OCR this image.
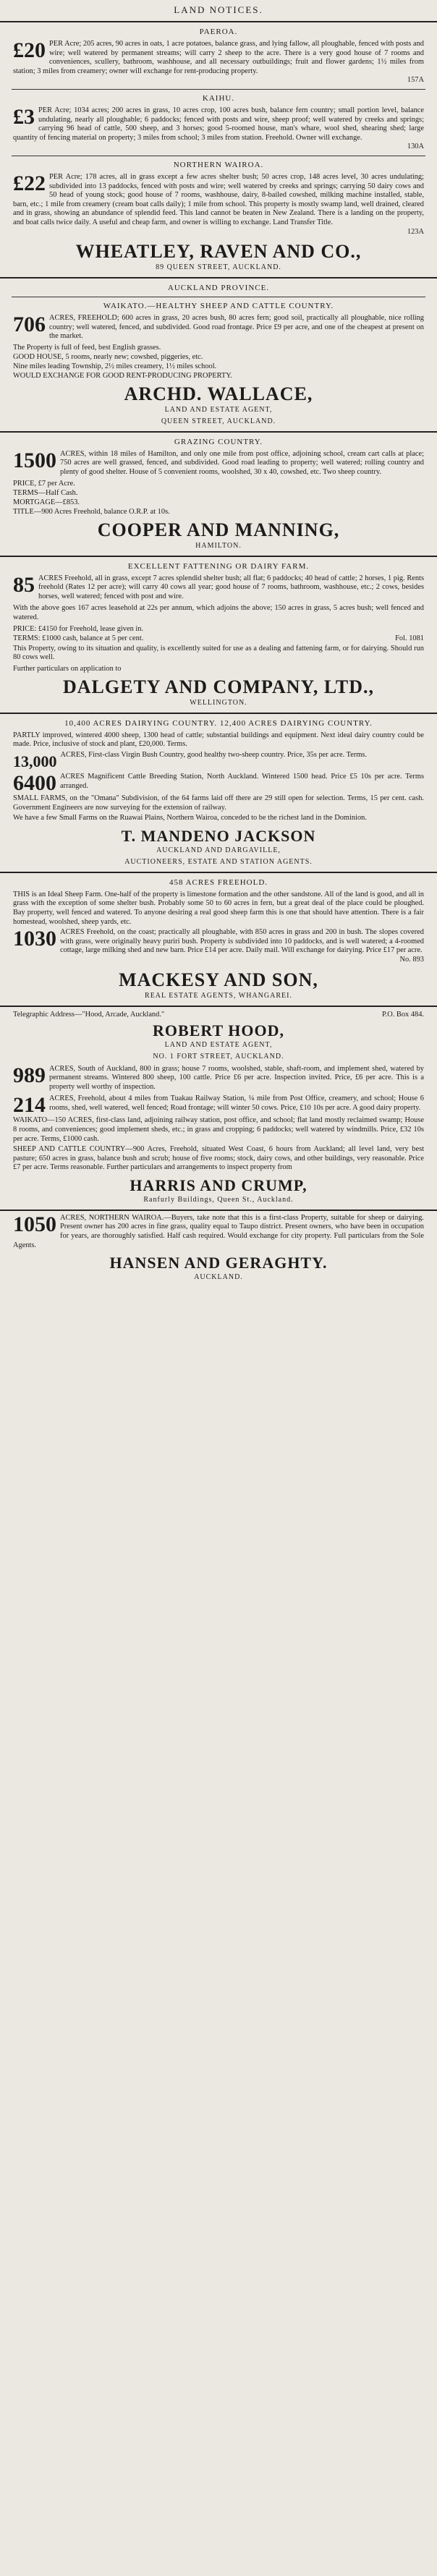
LAND NOTICES.
PAEROA.
£20 PER Acre; 205 acres, 90 acres in oats, 1 acre potatoes, balance grass, and lying fallow, all ploughable, fenced with posts and wire; well watered by permanent streams; will carry 2 sheep to the acre. There is a very good house of 7 rooms and conveniences, scullery, bathroom, washhouse, and all necessary outbuildings; fruit and flower gardens; 1½ miles from station; 3 miles from creamery; owner will exchange for rent-producing property.
157A
KAIHU.
£3 PER Acre; 1034 acres; 200 acres in grass, 10 acres crop, 100 acres bush, balance fern country; small portion level, balance undulating, nearly all ploughable; 6 paddocks; fenced with posts and wire, sheep proof; well watered by creeks and springs; carrying 96 head of cattle, 500 sheep, and 3 horses; good 5-roomed house, man's whare, wool shed, shearing shed; large quantity of fencing material on property; 3 miles from school; 3 miles from station. Freehold. Owner will exchange.
130A
NORTHERN WAIROA.
£22 PER Acre; 178 acres, all in grass except a few acres shelter bush; 50 acres crop, 148 acres level, 30 acres undulating; subdivided into 13 paddocks, fenced with posts and wire; well watered by creeks and springs; carrying 50 dairy cows and 50 head of young stock; good house of 7 rooms, washhouse, dairy, 8-bailed cowshed, milking machine installed, stable, barn, etc.; 1 mile from creamery (cream boat calls daily); 1 mile from school. This property is mostly swamp land, well drained, cleared and in grass, showing an abundance of splendid feed. This land cannot be beaten in New Zealand. There is a landing on the property, and boat calls twice daily. A useful and cheap farm, and owner is willing to exchange. Land Transfer Title.
123A
WHEATLEY, RAVEN AND CO.,
89 QUEEN STREET, AUCKLAND.
AUCKLAND PROVINCE.
WAIKATO.—HEALTHY SHEEP AND CATTLE COUNTRY.
706 ACRES, FREEHOLD; 600 acres in grass, 20 acres bush, 80 acres fern; good soil, practically all ploughable, nice rolling country; well watered, fenced, and subdivided. Good road frontage. Price £9 per acre, and one of the cheapest at present on the market.
The Property is full of feed, best English grasses.
GOOD HOUSE, 5 rooms, nearly new; cowshed, piggeries, etc.
Nine miles leading Township, 2½ miles creamery, 1½ miles school.
WOULD EXCHANGE FOR GOOD RENT-PRODUCING PROPERTY.
ARCHD. WALLACE,
LAND AND ESTATE AGENT,
QUEEN STREET, AUCKLAND.
GRAZING COUNTRY.
1500 ACRES, within 18 miles of Hamilton, and only one mile from post office, adjoining school, cream cart calls at place; 750 acres are well grassed, fenced, and subdivided. Good road leading to property; well watered; rolling country and plenty of good shelter. House of 5 convenient rooms, woolshed, 30 x 40, cowshed, etc. Two sheep country.
PRICE, £7 per Acre.
TERMS—Half Cash.
MORTGAGE—£853.
TITLE—900 Acres Freehold, balance O.R.P. at 10s.
COOPER AND MANNING,
HAMILTON.
EXCELLENT FATTENING OR DAIRY FARM.
85 ACRES Freehold, all in grass, except 7 acres splendid shelter bush; all flat; 6 paddocks; 40 head of cattle; 2 horses, 1 pig. Rents freehold (Rates 12 per acre); will carry 40 cows all year; good house of 7 rooms, bathroom, washhouse, etc.; 2 cows, besides horses, well watered; fenced with post and wire.
With the above goes 167 acres leasehold at 22s per annum, which adjoins the above; 150 acres in grass, 5 acres bush; well fenced and watered.
PRICE: £4150 for Freehold, lease given in.
TERMS: £1000 cash, balance at 5 per cent.	Fol. 1081
This Property, owing to its situation and quality, is excellently suited for use as a dealing and fattening farm, or for dairying. Should run 80 cows well.
Further particulars on application to
DALGETY AND COMPANY, LTD.,
WELLINGTON.
10,400 ACRES DAIRYING COUNTRY. 12,400 ACRES DAIRYING COUNTRY.
PARTLY improved, wintered 4000 sheep, 1300 head of cattle; substantial buildings and equipment. Next ideal dairy country could be made. Price, inclusive of stock and plant, £20,000. Terms.
13,000 ACRES, First-class Virgin Bush Country, good healthy two-sheep country. Price, 35s per acre. Terms.
6400 ACRES Magnificent Cattle Breeding Station, North Auckland. Wintered 1500 head. Price £5 10s per acre. Terms arranged.
SMALL FARMS, on the "Omana" Subdivision, of the 64 farms laid off there are 29 still open for selection. Terms, 15 per cent. cash. Government Engineers are now surveying for the extension of railway.
We have a few Small Farms on the Ruawai Plains, Northern Wairoa, conceded to be the richest land in the Dominion.
T. MANDENO JACKSON
AUCKLAND AND DARGAVILLE,
AUCTIONEERS, ESTATE AND STATION AGENTS.
458 ACRES FREEHOLD.
THIS is an Ideal Sheep Farm. One-half of the property is limestone formation and the other sandstone. All of the land is good, and all in grass with the exception of some shelter bush. Probably some 50 to 60 acres in fern, but a great deal of the place could be ploughed. Bay property, well fenced and watered. To anyone desiring a real good sheep farm this is one that should have attention. There is a fair homestead, woolshed, sheep yards, etc.
1030 ACRES Freehold, on the coast; practically all ploughable, with 850 acres in grass and 200 in bush. The slopes covered with grass, were originally heavy puriri bush. Property is subdivided into 10 paddocks, and is well watered; a 4-roomed cottage, large milking shed and new barn. Price £14 per acre. Daily mail. Will exchange for dairying. Price £17 per acre.
No. 893
MACKESY AND SON,
REAL ESTATE AGENTS, WHANGAREI.
Telegraphic Address—"Hood, Arcade, Auckland."	P.O. Box 484.
ROBERT HOOD,
LAND AND ESTATE AGENT,
NO. 1 FORT STREET, AUCKLAND.
989 ACRES, South of Auckland, 800 in grass; house 7 rooms, woolshed, stable, shaft-room, and implement shed, watered by permanent streams. Wintered 800 sheep, 100 cattle. Price £6 per acre. Inspection invited. Price, £6 per acre. This is a property well worthy of inspection.
214 ACRES, Freehold, about 4 miles from Tuakau Railway Station, ¼ mile from Post Office, creamery, and school; House 6 rooms, shed, well watered, well fenced; Road frontage; will winter 50 cows. Price, £10 10s per acre. A good dairy property.
WAIKATO—150 ACRES, first-class land, adjoining railway station, post office, and school; flat land mostly reclaimed swamp; House 8 rooms, and conveniences; good implement sheds, etc.; in grass and cropping; 6 paddocks; well watered by windmills. Price, £32 10s per acre. Terms, £1000 cash.
SHEEP AND CATTLE COUNTRY—900 Acres, Freehold, situated West Coast, 6 hours from Auckland; all level land, very best pasture; 650 acres in grass, balance bush and scrub; house of five rooms; stock, dairy cows, and other buildings, very reasonable. Price £7 per acre. Terms reasonable. Further particulars and arrangements to inspect property from
HARRIS AND CRUMP,
Ranfurly Buildings, Queen St., Auckland.
1050 ACRES, NORTHERN WAIROA.—Buyers, take note that this is a first-class Property, suitable for sheep or dairying. Present owner has 200 acres in fine grass, quality equal to Taupo district. Present owners, who have been in occupation for years, are thoroughly satisfied. Half cash required. Would exchange for city property. Full particulars from the Sole Agents.
HANSEN AND GERAGHTY.
AUCKLAND.
